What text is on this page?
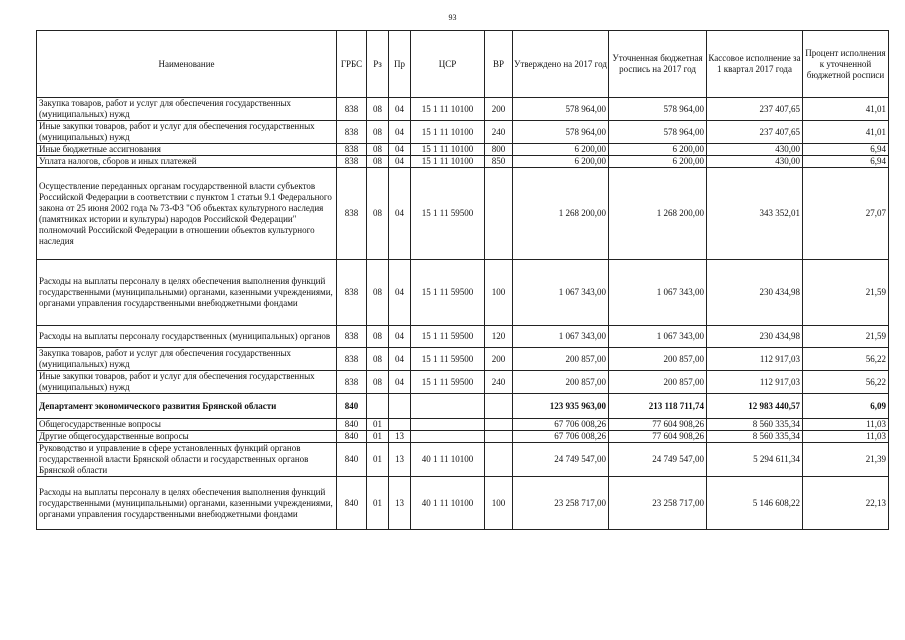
93
Наименование	ГРБС	Рз	Пр	ЦСР	ВР	Утверждено на 2017 год	Уточненная бюджетная роспись на 2017 год	Кассовое исполнение за 1 квартал 2017 года	Процент исполнения к уточненной бюджетной росписи
Закупка товаров, работ и услуг для обеспечения государственных (муниципальных) нужд	838	08	04	15 1 11 10100	200	578 964,00	578 964,00	237 407,65	41,01
Иные закупки товаров, работ и услуг для обеспечения государственных (муниципальных) нужд	838	08	04	15 1 11 10100	240	578 964,00	578 964,00	237 407,65	41,01
Иные бюджетные ассигнования	838	08	04	15 1 11 10100	800	6 200,00	6 200,00	430,00	6,94
Уплата налогов, сборов и иных платежей	838	08	04	15 1 11 10100	850	6 200,00	6 200,00	430,00	6,94
Осуществление переданных органам государственной власти субъектов Российской Федерации в соответствии с пунктом 1 статьи 9.1 Федерального закона от 25 июня 2002 года № 73-ФЗ "Об объектах культурного наследия (памятниках истории и культуры) народов Российской Федерации" полномочий Российской Федерации в отношении объектов культурного наследия	838	08	04	15 1 11 59500		1 268 200,00	1 268 200,00	343 352,01	27,07
Расходы на выплаты персоналу в целях обеспечения выполнения функций государственными (муниципальными) органами, казенными учреждениями, органами управления государственными внебюджетными фондами	838	08	04	15 1 11 59500	100	1 067 343,00	1 067 343,00	230 434,98	21,59
Расходы на выплаты персоналу государственных (муниципальных) органов	838	08	04	15 1 11 59500	120	1 067 343,00	1 067 343,00	230 434,98	21,59
Закупка товаров, работ и услуг для обеспечения государственных (муниципальных) нужд	838	08	04	15 1 11 59500	200	200 857,00	200 857,00	112 917,03	56,22
Иные закупки товаров, работ и услуг для обеспечения государственных (муниципальных) нужд	838	08	04	15 1 11 59500	240	200 857,00	200 857,00	112 917,03	56,22
Департамент экономического развития Брянской области	840					123 935 963,00	213 118 711,74	12 983 440,57	6,09
Общегосударственные вопросы	840	01				67 706 008,26	77 604 908,26	8 560 335,34	11,03
Другие общегосударственные вопросы	840	01	13			67 706 008,26	77 604 908,26	8 560 335,34	11,03
Руководство и управление в сфере установленных функций органов государственной власти Брянской области и государственных органов Брянской области	840	01	13	40 1 11 10100		24 749 547,00	24 749 547,00	5 294 611,34	21,39
Расходы на выплаты персоналу в целях обеспечения выполнения функций государственными (муниципальными) органами, казенными учреждениями, органами управления государственными внебюджетными фондами	840	01	13	40 1 11 10100	100	23 258 717,00	23 258 717,00	5 146 608,22	22,13
